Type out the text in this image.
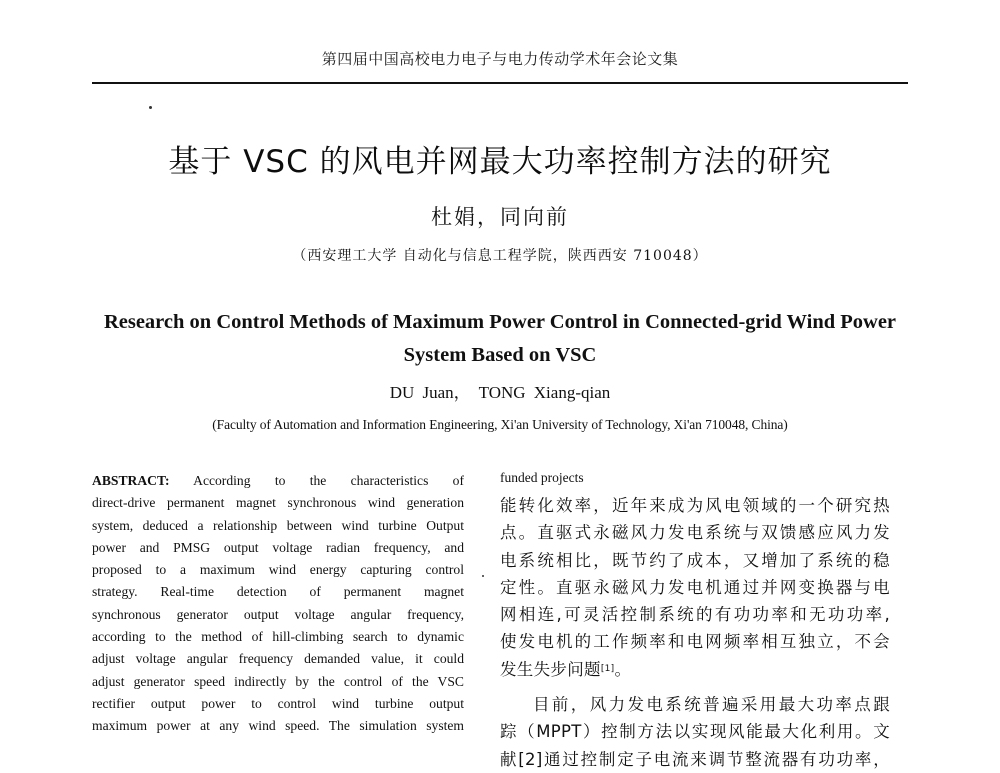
第四届中国高校电力电子与电力传动学术年会论文集
基于 VSC 的风电并网最大功率控制方法的研究
杜娟，同向前
（西安理工大学 自动化与信息工程学院，陕西西安 710048）
Research on Control Methods of Maximum Power Control in Connected-grid Wind Power
System Based on VSC
DU Juan， TONG Xiang-qian
(Faculty of Automation and Information Engineering, Xi'an University of Technology, Xi'an 710048, China)
ABSTRACT: According to the characteristics of
direct-drive permanent magnet synchronous wind generation
system, deduced a relationship between wind turbine Output
power and PMSG output voltage radian frequency, and
proposed to a maximum wind energy capturing control
strategy. Real-time detection of permanent magnet
synchronous generator output voltage angular frequency,
according to the method of hill-climbing search to dynamic
adjust voltage angular frequency demanded value, it could
adjust generator speed indirectly by the control of the VSC
rectifier output power to control wind turbine output
maximum power at any wind speed. The simulation system
funded projects
能转化效率，近年来成为风电领域的一个研究热
点。直驱式永磁风力发电系统与双馈感应风力发
电系统相比，既节约了成本，又增加了系统的稳
定性。直驱永磁风力发电机通过并网变换器与电
网相连,可灵活控制系统的有功功率和无功功率,
使发电机的工作频率和电网频率相互独立，不会
发生失步问题[1]。
目前，风力发电系统普遍采用最大功率点跟
踪（MPPT）控制方法以实现风能最大化利用。文
献[2]通过控制定子电流来调节整流器有功功率，
